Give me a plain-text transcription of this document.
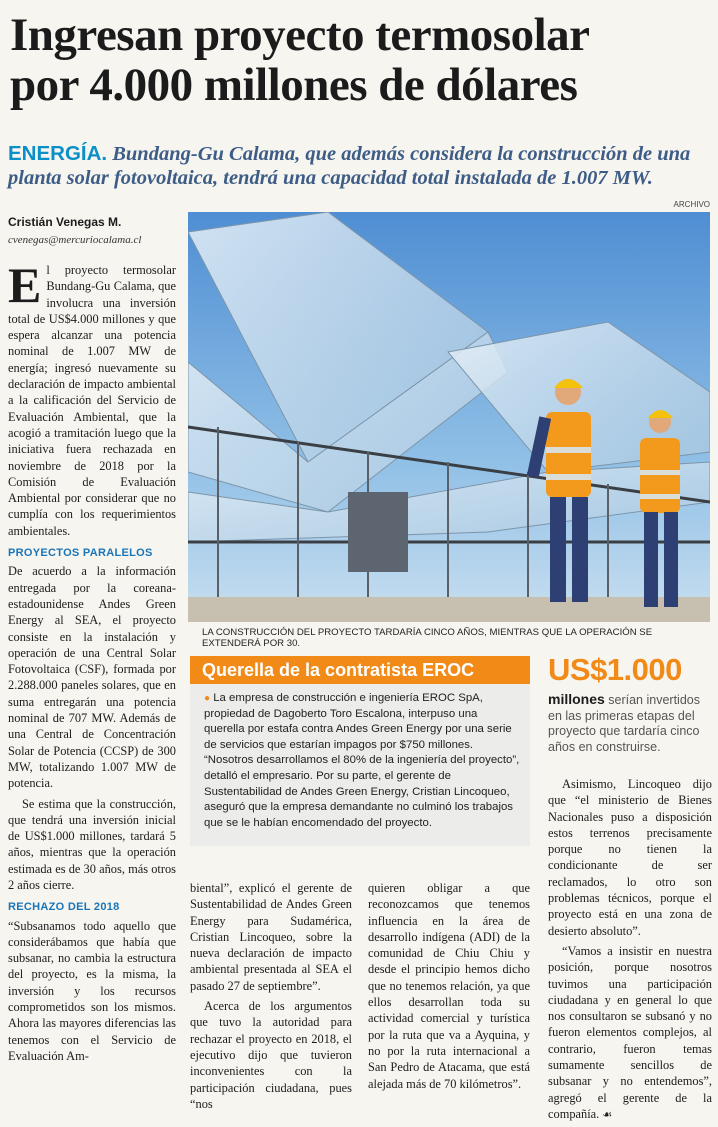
Ingresan proyecto termosolar
por 4.000 millones de dólares
ENERGÍA. Bundang-Gu Calama, que además considera la construcción de una planta solar fotovoltaica, tendrá una capacidad total instalada de 1.007 MW.
Cristián Venegas M.
cvenegas@mercuriocalama.cl
ARCHIVO
LA CONSTRUCCIÓN DEL PROYECTO TARDARÍA CINCO AÑOS, MIENTRAS QUE LA OPERACIÓN SE EXTENDERÁ POR 30.

El proyecto termosolar Bundang-Gu Calama, que involucra una inversión total de US$4.000 millones y que espera alcanzar una potencia nominal de 1.007 MW de energía; ingresó nuevamente su declaración de impacto ambiental a la calificación del Servicio de Evaluación Ambiental, que la acogió a tramitación luego que la iniciativa fuera rechazada en noviembre de 2018 por la Comisión de Evaluación Ambiental por considerar que no cumplía con los requerimientos ambientales.

PROYECTOS PARALELOS

De acuerdo a la información entregada por la coreana-estadounidense Andes Green Energy al SEA, el proyecto consiste en la instalación y operación de una Central Solar Fotovoltaica (CSF), formada por 2.288.000 paneles solares, que en suma entregarán una potencia nominal de 707 MW. Además de una Central de Concentración Solar de Potencia (CCSP) de 300 MW, totalizando 1.007 MW de potencia.

Se estima que la construcción, que tendrá una inversión inicial de US$1.000 millones, tardará 5 años, mientras que la operación estimada es de 30 años, más otros 2 años cierre.

RECHAZO DEL 2018

“Subsanamos todo aquello que considerábamos que había que subsanar, no cambia la estructura del proyecto, es la misma, la inversión y los recursos comprometidos son los mismos. Ahora las mayores diferencias las tenemos con el Servicio de Evaluación Am-

Querella de la contratista EROC
● La empresa de construcción e ingeniería EROC SpA, propiedad de Dagoberto Toro Escalona, interpuso una querella por estafa contra Andes Green Energy por una serie de servicios que estarían impagos por $750 millones. “Nosotros desarrollamos el 80% de la ingeniería del proyecto”, detalló el empresario. Por su parte, el gerente de Sustentabilidad de Andes Green Energy, Cristian Lincoqueo, aseguró que la empresa demandante no culminó los trabajos que se le habían encomendado del proyecto.
US$1.000
millones serían invertidos en las primeras etapas del proyecto que tardaría cinco años en construirse.

biental”, explicó el gerente de Sustentabilidad de Andes Green Energy para Sudamérica, Cristian Lincoqueo, sobre la nueva declaración de impacto ambiental presentada al SEA el pasado 27 de septiembre”.

Acerca de los argumentos que tuvo la autoridad para rechazar el proyecto en 2018, el ejecutivo dijo que tuvieron inconvenientes con la participación ciudadana, pues “nos

quieren obligar a que reconozcamos que tenemos influencia en la área de desarrollo indígena (ADI) de la comunidad de Chiu Chiu y desde el principio hemos dicho que no tenemos relación, ya que ellos desarrollan toda su actividad comercial y turística por la ruta que va a Ayquina, y no por la ruta internacional a San Pedro de Atacama, que está alejada más de 70 kilómetros”.

Asimismo, Lincoqueo dijo que “el ministerio de Bienes Nacionales puso a disposición estos terrenos precisamente porque no tienen la condicionante de ser reclamados, lo otro son problemas técnicos, porque el proyecto está en una zona de desierto absoluto”.

“Vamos a insistir en nuestra posición, porque nosotros tuvimos una participación ciudadana y en general lo que nos consultaron se subsanó y no fueron elementos complejos, al contrario, fueron temas sumamente sencillos de subsanar y no entendemos”, agregó el gerente de la compañía. ☙
